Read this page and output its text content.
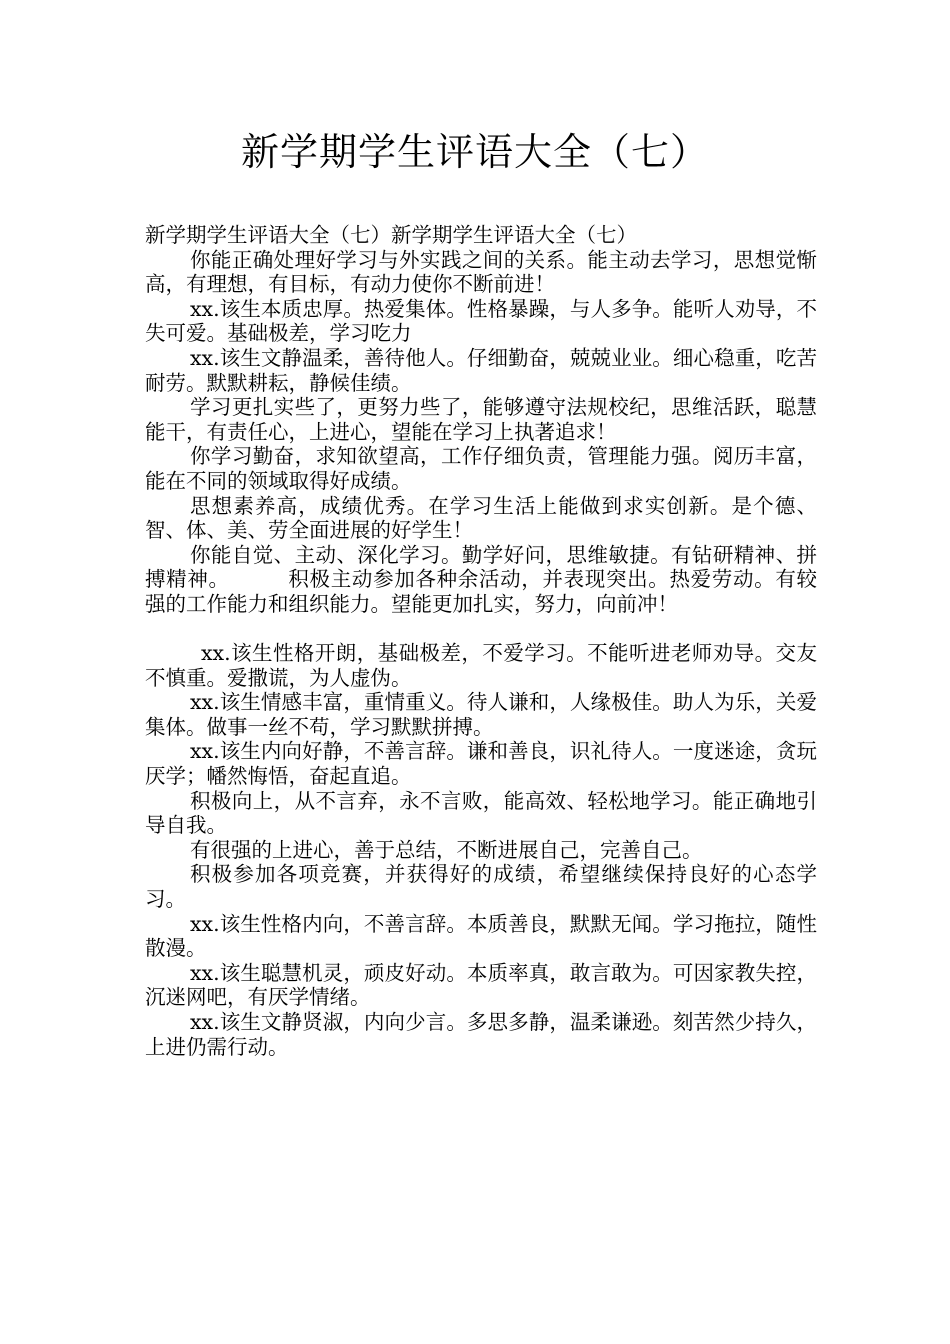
新学期学生评语大全（七）

新学期学生评语大全（七）新学期学生评语大全（七）

你能正确处理好学习与外实践之间的关系。能主动去学习，思想觉惭高，有理想，有目标，有动力使你不断前进！

xx.该生本质忠厚。热爱集体。性格暴躁，与人多争。能听人劝导，不失可爱。基础极差，学习吃力

xx.该生文静温柔，善待他人。仔细勤奋，兢兢业业。细心稳重，吃苦耐劳。默默耕耘，静候佳绩。

学习更扎实些了，更努力些了，能够遵守法规校纪，思维活跃，聪慧能干，有责任心，上进心，望能在学习上执著追求！

你学习勤奋，求知欲望高，工作仔细负责，管理能力强。阅历丰富，能在不同的领域取得好成绩。

思想素养高，成绩优秀。在学习生活上能做到求实创新。是个德、智、体、美、劳全面进展的好学生！

你能自觉、主动、深化学习。勤学好问，思维敏捷。有钻研精神、拼搏精神。	积极主动参加各种余活动，并表现突出。热爱劳动。有较强的工作能力和组织能力。望能更加扎实，努力，向前冲！

xx.该生性格开朗，基础极差，不爱学习。不能听进老师劝导。交友不慎重。爱撒谎，为人虚伪。

xx.该生情感丰富，重情重义。待人谦和，人缘极佳。助人为乐，关爱集体。做事一丝不苟，学习默默拼搏。

xx.该生内向好静，不善言辞。谦和善良，识礼待人。一度迷途，贪玩厌学；幡然悔悟，奋起直追。

积极向上，从不言弃，永不言败，能高效、轻松地学习。能正确地引导自我。

有很强的上进心，善于总结，不断进展自己，完善自己。

积极参加各项竞赛，并获得好的成绩，希望继续保持良好的心态学习。

xx.该生性格内向，不善言辞。本质善良，默默无闻。学习拖拉，随性散漫。

xx.该生聪慧机灵，顽皮好动。本质率真，敢言敢为。可因家教失控，沉迷网吧，有厌学情绪。

xx.该生文静贤淑，内向少言。多思多静，温柔谦逊。刻苦然少持久，上进仍需行动。
